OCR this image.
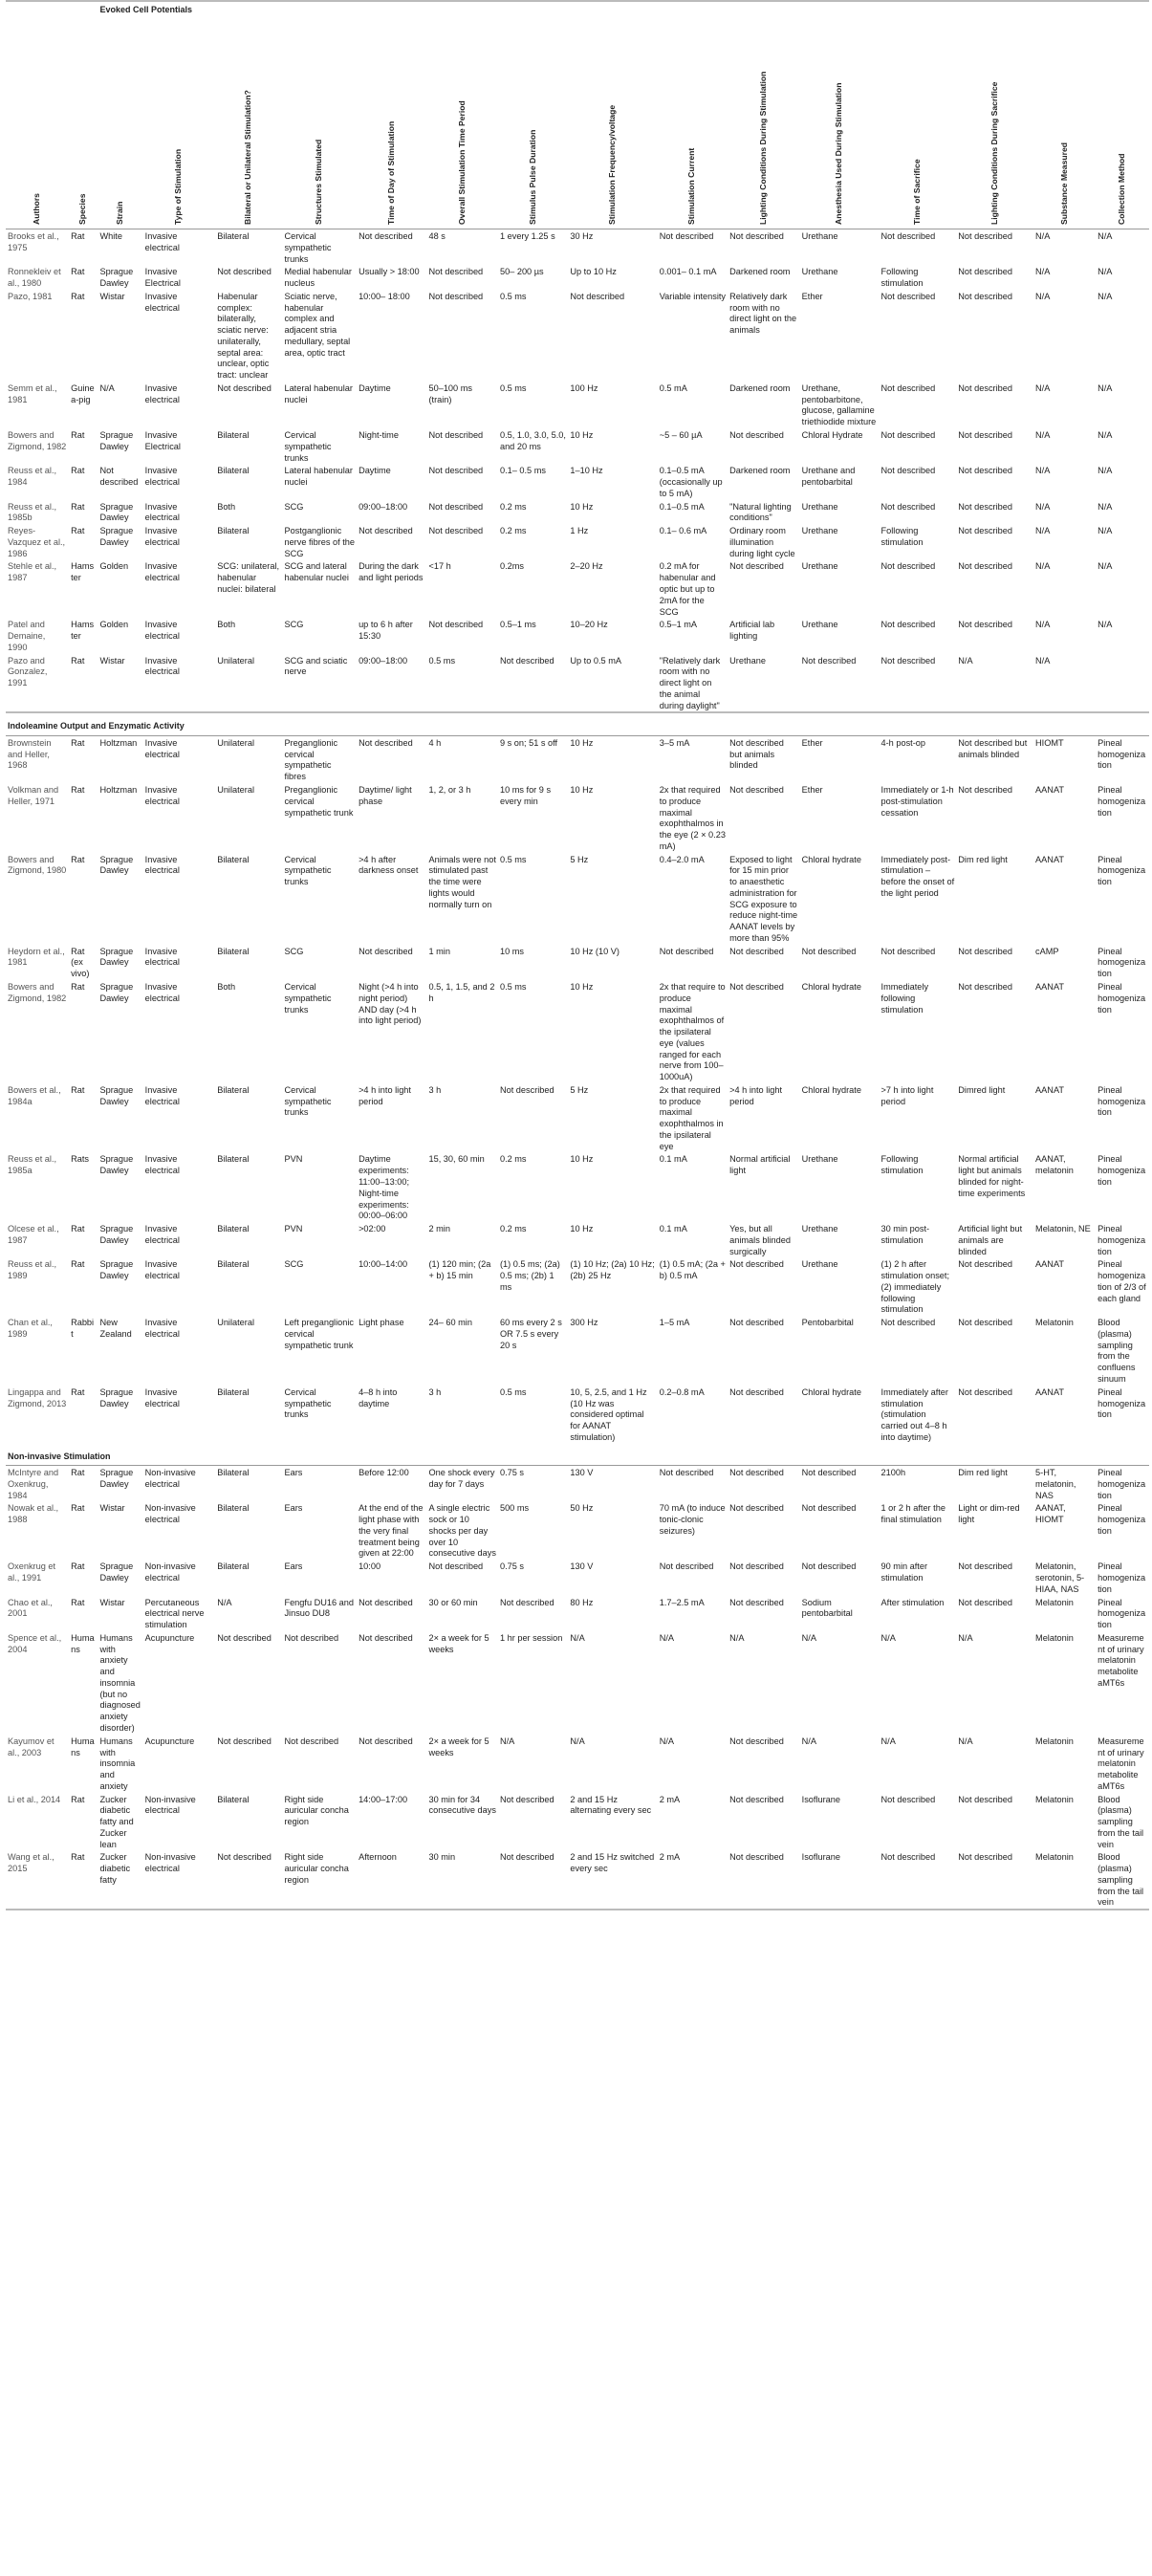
		Evoked Cell Potentials														

Authors	Species	Strain	Type of Stimulation	Bilateral or Unilateral Stimulation?	Structures Stimulated	Time of Day of Stimulation	Overall Stimulation Time Period	Stimulus Pulse Duration	Stimulation Frequency/voltage	Stimulation Current	Lighting Conditions During Stimulation	Anesthesia Used During Stimulation	Time of Sacrifice	Lighting Conditions During Sacrifice	Substance Measured	Collection Method

Brooks et al., 1975	Rat	White	Invasive electrical	Bilateral	Cervical sympathetic trunks	Not described	48 s	1 every 1.25 s	30 Hz	Not described	Not described	Urethane	Not described	Not described	N/A	N/A
Ronnekleiv et al., 1980	Rat	Sprague Dawley	Invasive Electrical	Not described	Medial habenular nucleus	Usually > 18:00	Not described	50– 200 µs	Up to 10 Hz	0.001– 0.1 mA	Darkened room	Urethane	Following stimulation	Not described	N/A	N/A
Pazo, 1981	Rat	Wistar	Invasive electrical	Habenular complex: bilaterally, sciatic nerve: unilaterally, septal area: unclear, optic tract: unclear	Sciatic nerve, habenular complex and adjacent stria medullary, septal area, optic tract	10:00– 18:00	Not described	0.5 ms	Not described	Variable intensity	Relatively dark room with no direct light on the animals	Ether	Not described	Not described	N/A	N/A
Semm et al., 1981	Guinea-pig	N/A	Invasive electrical	Not described	Lateral habenular nuclei	Daytime	50–100 ms (train)	0.5 ms	100 Hz	0.5 mA	Darkened room	Urethane, pentobarbitone, glucose, gallamine triethiodide mixture	Not described	Not described	N/A	N/A
Bowers and Zigmond, 1982	Rat	Sprague Dawley	Invasive Electrical	Bilateral	Cervical sympathetic trunks	Night-time	Not described	0.5, 1.0, 3.0, 5.0, and 20 ms	10 Hz	~5 – 60 µA	Not described	Chloral Hydrate	Not described	Not described	N/A	N/A
Reuss et al., 1984	Rat	Not described	Invasive electrical	Bilateral	Lateral habenular nuclei	Daytime	Not described	0.1– 0.5 ms	1–10 Hz	0.1–0.5 mA (occasionally up to 5 mA)	Darkened room	Urethane and pentobarbital	Not described	Not described	N/A	N/A
Reuss et al., 1985b	Rat	Sprague Dawley	Invasive electrical	Both	SCG	09:00–18:00	Not described	0.2 ms	10 Hz	0.1–0.5 mA	"Natural lighting conditions"	Urethane	Not described	Not described	N/A	N/A
Reyes-Vazquez et al., 1986	Rat	Sprague Dawley	Invasive electrical	Bilateral	Postganglionic nerve fibres of the SCG	Not described	Not described	0.2 ms	1 Hz	0.1– 0.6 mA	Ordinary room illumination during light cycle	Urethane	Following stimulation	Not described	N/A	N/A
Stehle et al., 1987	Hamster	Golden	Invasive electrical	SCG: unilateral, habenular nuclei: bilateral	SCG and lateral habenular nuclei	During the dark and light periods	<17 h	0.2ms	2–20 Hz	0.2 mA for habenular and optic but up to 2mA for the SCG	Not described	Urethane	Not described	Not described	N/A	N/A
Patel and Demaine, 1990	Hamster	Golden	Invasive electrical	Both	SCG	up to 6 h after 15:30	Not described	0.5–1 ms	10–20 Hz	0.5–1 mA	Artificial lab lighting	Urethane	Not described	Not described	N/A	N/A
Pazo and Gonzalez, 1991	Rat	Wistar	Invasive electrical	Unilateral	SCG and sciatic nerve	09:00–18:00	0.5 ms	Not described	Up to 0.5 mA	"Relatively dark room with no direct light on the animal during daylight"	Urethane	Not described	Not described	N/A	N/A	
Indoleamine Output and Enzymatic Activity																
Brownstein and Heller, 1968	Rat	Holtzman	Invasive electrical	Unilateral	Preganglionic cervical sympathetic fibres	Not described	4 h	9 s on; 51 s off	10 Hz	3–5 mA	Not described but animals blinded	Ether	4-h post-op	Not described but animals blinded	HIOMT	Pineal homogenization
Volkman and Heller, 1971	Rat	Holtzman	Invasive electrical	Unilateral	Preganglionic cervical sympathetic trunk	Daytime/ light phase	1, 2, or 3 h	10 ms for 9 s every min	10 Hz	2x that required to produce maximal exophthalmos in the eye (2 × 0.23 mA)	Not described	Ether	Immediately or 1-h post-stimulation cessation	Not described	AANAT	Pineal homogenization
Bowers and Zigmond, 1980	Rat	Sprague Dawley	Invasive electrical	Bilateral	Cervical sympathetic trunks	>4 h after darkness onset	Animals were not stimulated past the time were lights would normally turn on	0.5 ms	5 Hz	0.4–2.0 mA	Exposed to light for 15 min prior to anaesthetic administration for SCG exposure to reduce night-time AANAT levels by more than 95%	Chloral hydrate	Immediately post-stimulation – before the onset of the light period	Dim red light	AANAT	Pineal homogenization
Heydorn et al., 1981	Rat (ex vivo)	Sprague Dawley	Invasive electrical	Bilateral	SCG	Not described	1 min	10 ms	10 Hz (10 V)	Not described	Not described	Not described	Not described	Not described	cAMP	Pineal homogenization
Bowers and Zigmond, 1982	Rat	Sprague Dawley	Invasive electrical	Both	Cervical sympathetic trunks	Night (>4 h into night period) AND day (>4 h into light period)	0.5, 1, 1.5, and 2 h	0.5 ms	10 Hz	2x that require to produce maximal exophthalmos of the ipsilateral eye (values ranged for each nerve from 100–1000uA)	Not described	Chloral hydrate	Immediately following stimulation	Not described	AANAT	Pineal homogenization
Bowers et al., 1984a	Rat	Sprague Dawley	Invasive electrical	Bilateral	Cervical sympathetic trunks	>4 h into light period	3 h	Not described	5 Hz	2x that required to produce maximal exophthalmos in the ipsilateral eye	>4 h into light period	Chloral hydrate	>7 h into light period	Dimred light	AANAT	Pineal homogenization
Reuss et al., 1985a	Rats	Sprague Dawley	Invasive electrical	Bilateral	PVN	Daytime experiments: 11:00–13:00; Night-time experiments: 00:00–06:00	15, 30, 60 min	0.2 ms	10 Hz	0.1 mA	Normal artificial light	Urethane	Following stimulation	Normal artificial light but animals blinded for night-time experiments	AANAT, melatonin	Pineal homogenization
Olcese et al., 1987	Rat	Sprague Dawley	Invasive electrical	Bilateral	PVN	>02:00	2 min	0.2 ms	10 Hz	0.1 mA	Yes, but all animals blinded surgically	Urethane	30 min post-stimulation	Artificial light but animals are blinded	Melatonin, NE	Pineal homogenization
Reuss et al., 1989	Rat	Sprague Dawley	Invasive electrical	Bilateral	SCG	10:00–14:00	(1) 120 min; (2a + b) 15 min	(1) 0.5 ms; (2a) 0.5 ms; (2b) 1 ms	(1) 10 Hz; (2a) 10 Hz; (2b) 25 Hz	(1) 0.5 mA; (2a + b) 0.5 mA	Not described	Urethane	(1) 2 h after stimulation onset; (2) immediately following stimulation	Not described	AANAT	Pineal homogenization of 2/3 of each gland
Chan et al., 1989	Rabbit	New Zealand	Invasive electrical	Unilateral	Left preganglionic cervical sympathetic trunk	Light phase	24– 60 min	60 ms every 2 s OR 7.5 s every 20 s	300 Hz	1–5 mA	Not described	Pentobarbital	Not described	Not described	Melatonin	Blood (plasma) sampling from the confluens sinuum
Lingappa and Zigmond, 2013	Rat	Sprague Dawley	Invasive electrical	Bilateral	Cervical sympathetic trunks	4–8 h into daytime	3 h	0.5 ms	10, 5, 2.5, and 1 Hz (10 Hz was considered optimal for AANAT stimulation)	0.2–0.8 mA	Not described	Chloral hydrate	Immediately after stimulation (stimulation carried out 4–8 h into daytime)	Not described	AANAT	Pineal homogenization
Non-invasive Stimulation																
McIntyre and Oxenkrug, 1984	Rat	Sprague Dawley	Non-invasive electrical	Bilateral	Ears	Before 12:00	One shock every day for 7 days	0.75 s	130 V	Not described	Not described	Not described	2100h	Dim red light	5-HT, melatonin, NAS	Pineal homogenization
Nowak et al., 1988	Rat	Wistar	Non-invasive electrical	Bilateral	Ears	At the end of the light phase with the very final treatment being given at 22:00	A single electric sock or 10 shocks per day over 10 consecutive days	500 ms	50 Hz	70 mA (to induce tonic-clonic seizures)	Not described	Not described	1 or 2 h after the final stimulation	Light or dim-red light	AANAT, HIOMT	Pineal homogenization
Oxenkrug et al., 1991	Rat	Sprague Dawley	Non-invasive electrical	Bilateral	Ears	10:00	Not described	0.75 s	130 V	Not described	Not described	Not described	90 min after stimulation	Not described	Melatonin, serotonin, 5-HIAA, NAS	Pineal homogenization
Chao et al., 2001	Rat	Wistar	Percutaneous electrical nerve stimulation	N/A	Fengfu DU16 and Jinsuo DU8	Not described	30 or 60 min	Not described	80 Hz	1.7–2.5 mA	Not described	Sodium pentobarbital	After stimulation	Not described	Melatonin	Pineal homogenization
Spence et al., 2004	Humans	Humans with anxiety and insomnia (but no diagnosed anxiety disorder)	Acupuncture	Not described	Not described	Not described	2× a week for 5 weeks	1 hr per session	N/A	N/A	N/A	N/A	N/A	N/A	Melatonin	Measurement of urinary melatonin metabolite aMT6s
Kayumov et al., 2003	Humans	Humans with insomnia and anxiety	Acupuncture	Not described	Not described	Not described	2× a week for 5 weeks	N/A	N/A	N/A	Not described	N/A	N/A	N/A	Melatonin	Measurement of urinary melatonin metabolite aMT6s
Li et al., 2014	Rat	Zucker diabetic fatty and Zucker lean	Non-invasive electrical	Bilateral	Right side auricular concha region	14:00–17:00	30 min for 34 consecutive days	Not described	2 and 15 Hz alternating every sec	2 mA	Not described	Isoflurane	Not described	Not described	Melatonin	Blood (plasma) sampling from the tail vein
Wang et al., 2015	Rat	Zucker diabetic fatty	Non-invasive electrical	Not described	Right side auricular concha region	Afternoon	30 min	Not described	2 and 15 Hz switched every sec	2 mA	Not described	Isoflurane	Not described	Not described	Melatonin	Blood (plasma) sampling from the tail vein
